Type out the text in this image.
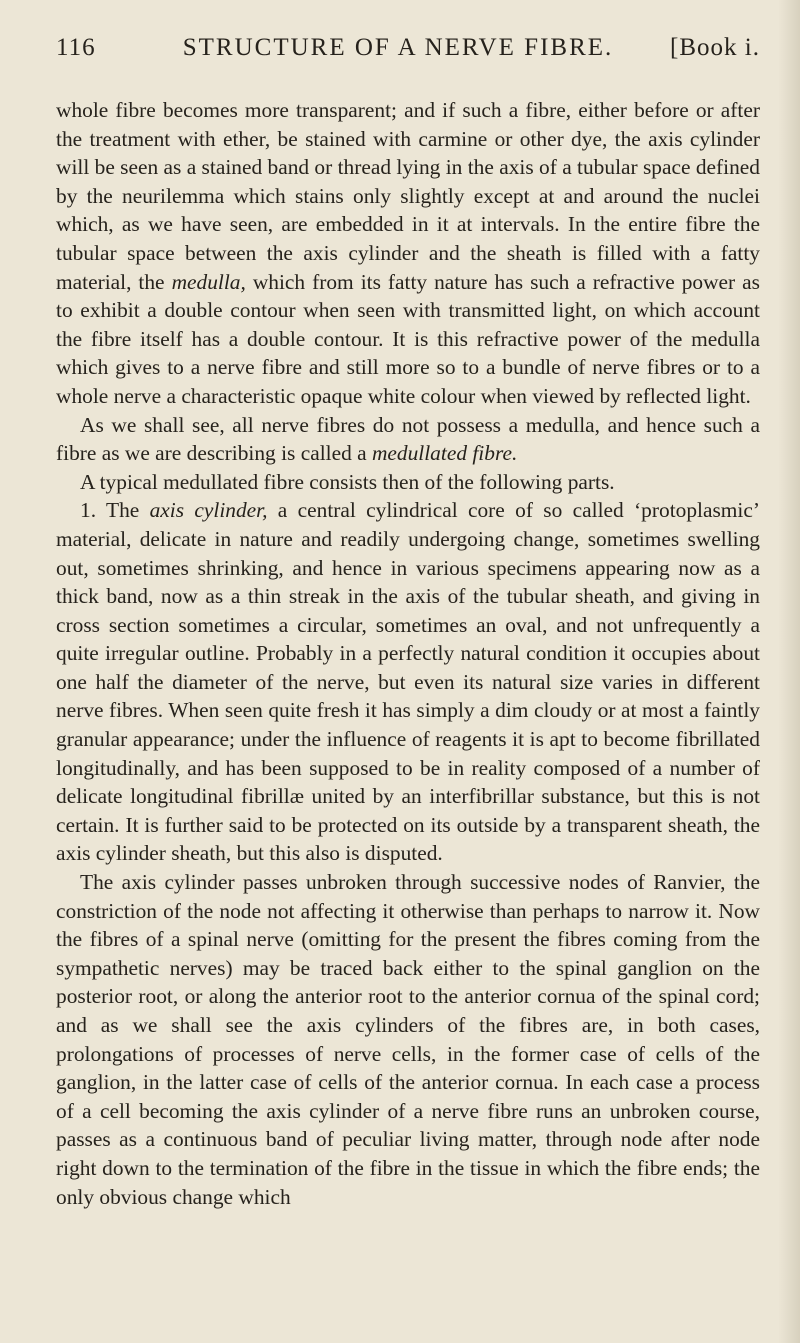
116	STRUCTURE OF A NERVE FIBRE.	[Book i.

whole fibre becomes more transparent; and if such a fibre, either before or after the treatment with ether, be stained with carmine or other dye, the axis cylinder will be seen as a stained band or thread lying in the axis of a tubular space defined by the neurilemma which stains only slightly except at and around the nuclei which, as we have seen, are embedded in it at intervals. In the entire fibre the tubular space between the axis cylinder and the sheath is filled with a fatty material, the medulla, which from its fatty nature has such a refractive power as to exhibit a double contour when seen with transmitted light, on which account the fibre itself has a double contour. It is this refractive power of the medulla which gives to a nerve fibre and still more so to a bundle of nerve fibres or to a whole nerve a characteristic opaque white colour when viewed by reflected light.

As we shall see, all nerve fibres do not possess a medulla, and hence such a fibre as we are describing is called a medullated fibre.

A typical medullated fibre consists then of the following parts.

1. The axis cylinder, a central cylindrical core of so called ‘protoplasmic’ material, delicate in nature and readily undergoing change, sometimes swelling out, sometimes shrinking, and hence in various specimens appearing now as a thick band, now as a thin streak in the axis of the tubular sheath, and giving in cross section sometimes a circular, sometimes an oval, and not unfrequently a quite irregular outline. Probably in a perfectly natural condition it occupies about one half the diameter of the nerve, but even its natural size varies in different nerve fibres. When seen quite fresh it has simply a dim cloudy or at most a faintly granular appearance; under the influence of reagents it is apt to become fibrillated longitudinally, and has been supposed to be in reality composed of a number of delicate longitudinal fibrillæ united by an interfibrillar substance, but this is not certain. It is further said to be protected on its outside by a transparent sheath, the axis cylinder sheath, but this also is disputed.

The axis cylinder passes unbroken through successive nodes of Ranvier, the constriction of the node not affecting it otherwise than perhaps to narrow it. Now the fibres of a spinal nerve (omitting for the present the fibres coming from the sympathetic nerves) may be traced back either to the spinal ganglion on the posterior root, or along the anterior root to the anterior cornua of the spinal cord; and as we shall see the axis cylinders of the fibres are, in both cases, prolongations of processes of nerve cells, in the former case of cells of the ganglion, in the latter case of cells of the anterior cornua. In each case a process of a cell becoming the axis cylinder of a nerve fibre runs an unbroken course, passes as a continuous band of peculiar living matter, through node after node right down to the termination of the fibre in the tissue in which the fibre ends; the only obvious change which
